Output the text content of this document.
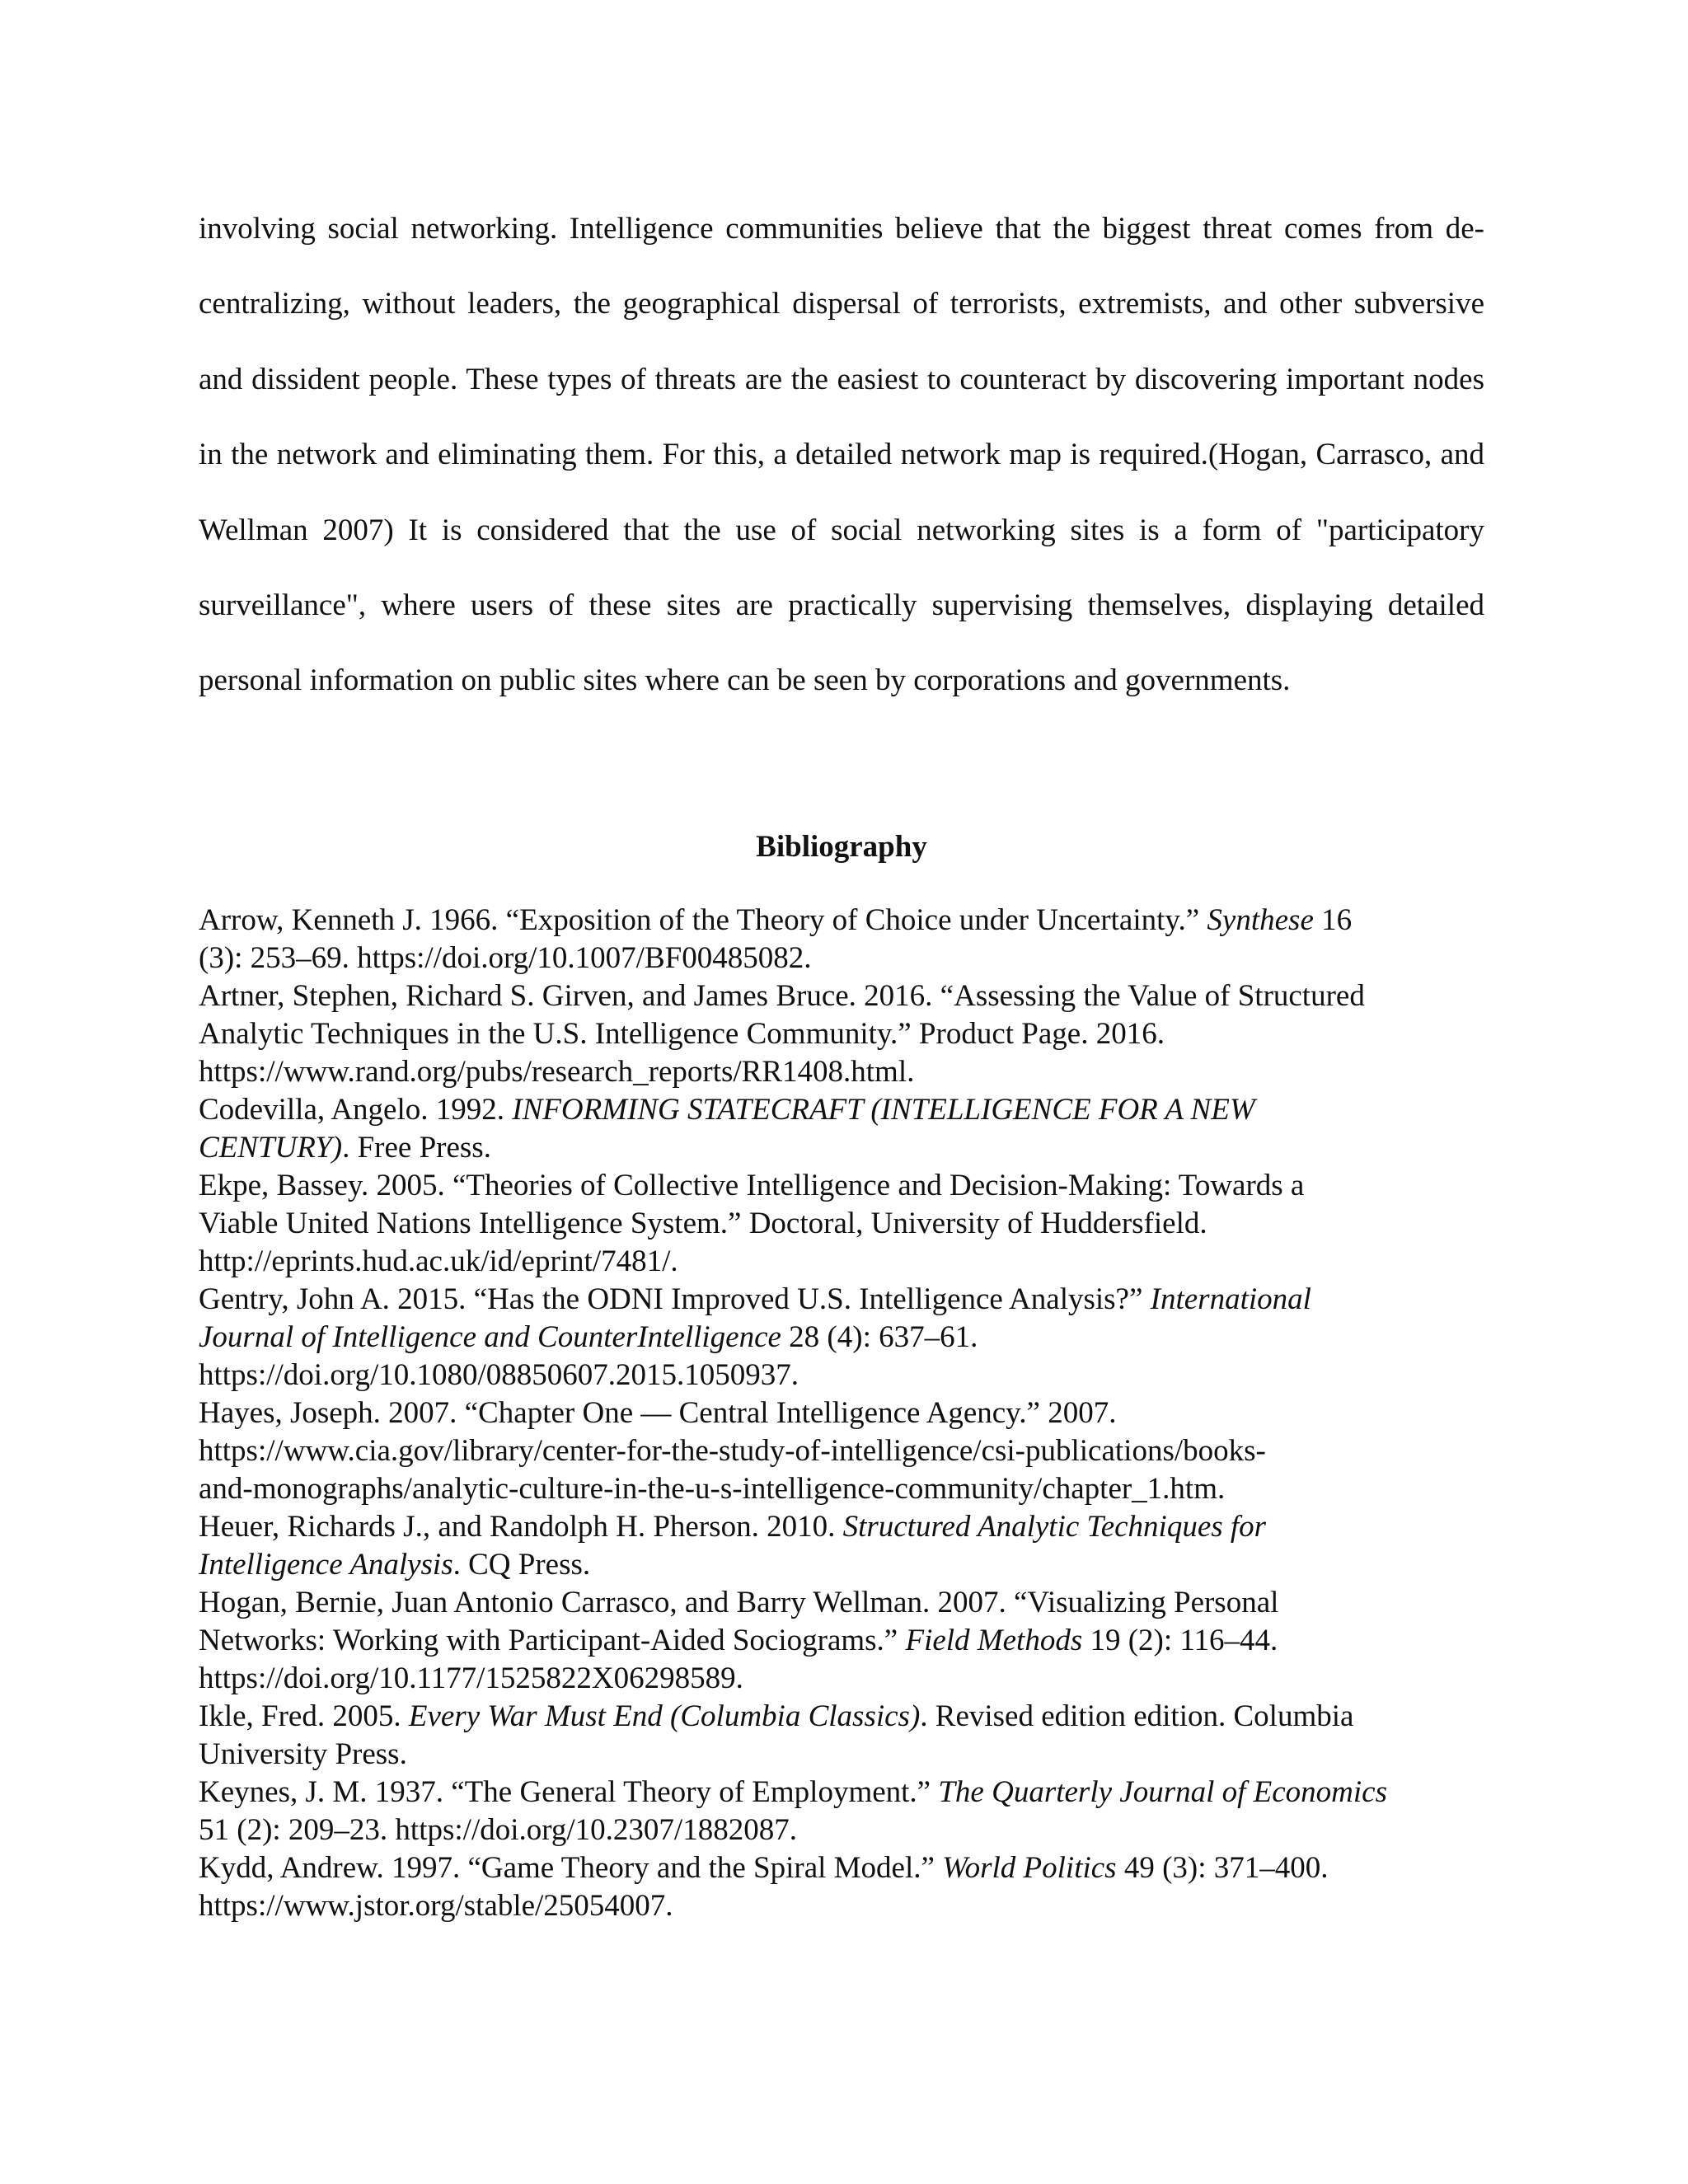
involving social networking. Intelligence communities believe that the biggest threat comes from de-centralizing, without leaders, the geographical dispersal of terrorists, extremists, and other subversive and dissident people. These types of threats are the easiest to counteract by discovering important nodes in the network and eliminating them. For this, a detailed network map is required.(Hogan, Carrasco, and Wellman 2007) It is considered that the use of social networking sites is a form of "participatory surveillance", where users of these sites are practically supervising themselves, displaying detailed personal information on public sites where can be seen by corporations and governments.

Bibliography
Arrow, Kenneth J. 1966. “Exposition of the Theory of Choice under Uncertainty.” Synthese 16
(3): 253–69. https://doi.org/10.1007/BF00485082.
Artner, Stephen, Richard S. Girven, and James Bruce. 2016. “Assessing the Value of Structured
Analytic Techniques in the U.S. Intelligence Community.” Product Page. 2016.
https://www.rand.org/pubs/research_reports/RR1408.html.
Codevilla, Angelo. 1992. INFORMING STATECRAFT (INTELLIGENCE FOR A NEW
CENTURY). Free Press.
Ekpe, Bassey. 2005. “Theories of Collective Intelligence and Decision-Making: Towards a
Viable United Nations Intelligence System.” Doctoral, University of Huddersfield.
http://eprints.hud.ac.uk/id/eprint/7481/.
Gentry, John A. 2015. “Has the ODNI Improved U.S. Intelligence Analysis?” International
Journal of Intelligence and CounterIntelligence 28 (4): 637–61.
https://doi.org/10.1080/08850607.2015.1050937.
Hayes, Joseph. 2007. “Chapter One — Central Intelligence Agency.” 2007.
https://www.cia.gov/library/center-for-the-study-of-intelligence/csi-publications/books-
and-monographs/analytic-culture-in-the-u-s-intelligence-community/chapter_1.htm.
Heuer, Richards J., and Randolph H. Pherson. 2010. Structured Analytic Techniques for
Intelligence Analysis. CQ Press.
Hogan, Bernie, Juan Antonio Carrasco, and Barry Wellman. 2007. “Visualizing Personal
Networks: Working with Participant-Aided Sociograms.” Field Methods 19 (2): 116–44.
https://doi.org/10.1177/1525822X06298589.
Ikle, Fred. 2005. Every War Must End (Columbia Classics). Revised edition edition. Columbia
University Press.
Keynes, J. M. 1937. “The General Theory of Employment.” The Quarterly Journal of Economics
51 (2): 209–23. https://doi.org/10.2307/1882087.
Kydd, Andrew. 1997. “Game Theory and the Spiral Model.” World Politics 49 (3): 371–400.
https://www.jstor.org/stable/25054007.
